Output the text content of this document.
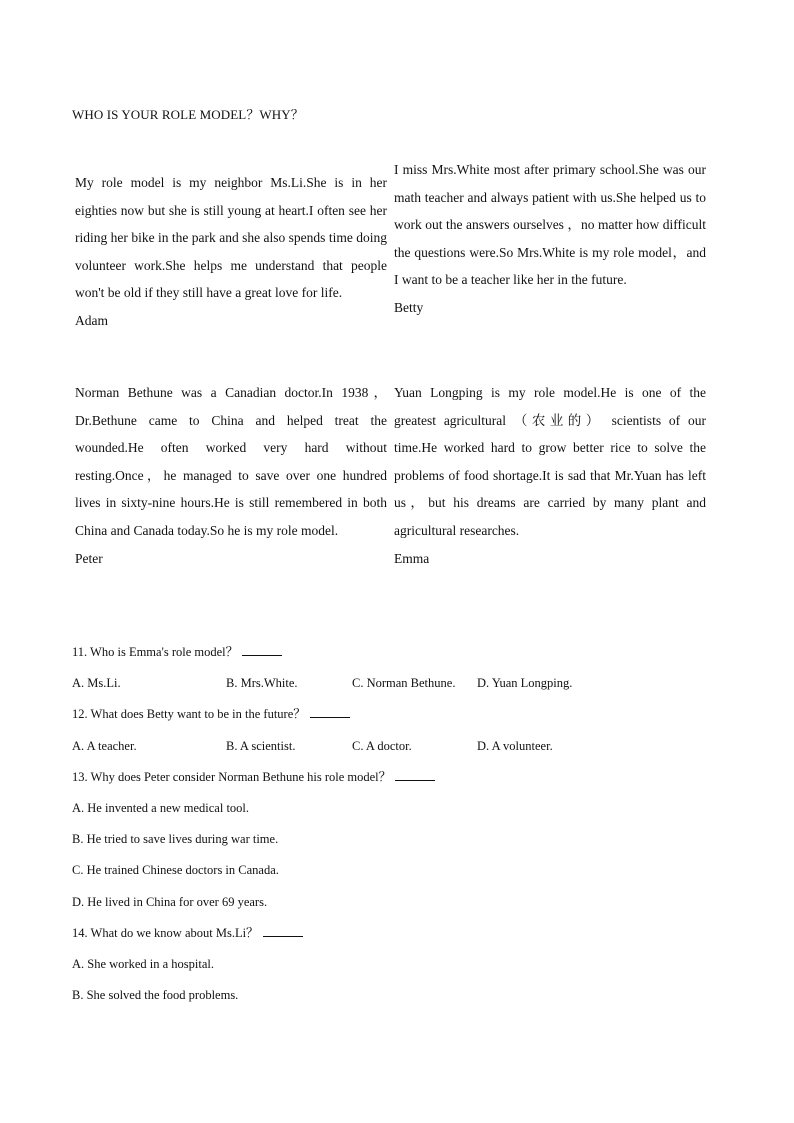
WHO IS YOUR ROLE MODEL？WHY？
My role model is my neighbor Ms.Li.She is in her eighties now but she is still young at heart.I often see her riding her bike in the park and she also spends time doing volunteer work.She helps me understand that people won't be old if they still have a great love for life.
Adam
I miss Mrs.White most after primary school.She was our math teacher and always patient with us.She helped us to work out the answers ourselves ，no matter how difficult the questions were.So Mrs.White is my role model，and I want to be a teacher like her in the future.
Betty
Norman Bethune was a Canadian doctor.In 1938，Dr.Bethune came to China and helped treat the wounded.He often worked very hard without resting.Once，he managed to save over one hundred lives in sixty-nine hours.He is still remembered in both China and Canada today.So he is my role model.
Peter
Yuan Longping is my role model.He is one of the greatest agricultural （农业的） scientists of our time.He worked hard to grow better rice to solve the problems of food shortage.It is sad that Mr.Yuan has left us，but his dreams are carried by many plant and agricultural researches.
Emma
11. Who is Emma's role model？
A. Ms.Li.	B. Mrs.White.	C. Norman Bethune.	D. Yuan Longping.
12. What does Betty want to be in the future？
A. A teacher.	B. A scientist.	C. A doctor.	D. A volunteer.
13. Why does Peter consider Norman Bethune his role model？
A. He invented a new medical tool.
B. He tried to save lives during war time.
C. He trained Chinese doctors in Canada.
D. He lived in China for over 69 years.
14. What do we know about Ms.Li？
A. She worked in a hospital.
B. She solved the food problems.
